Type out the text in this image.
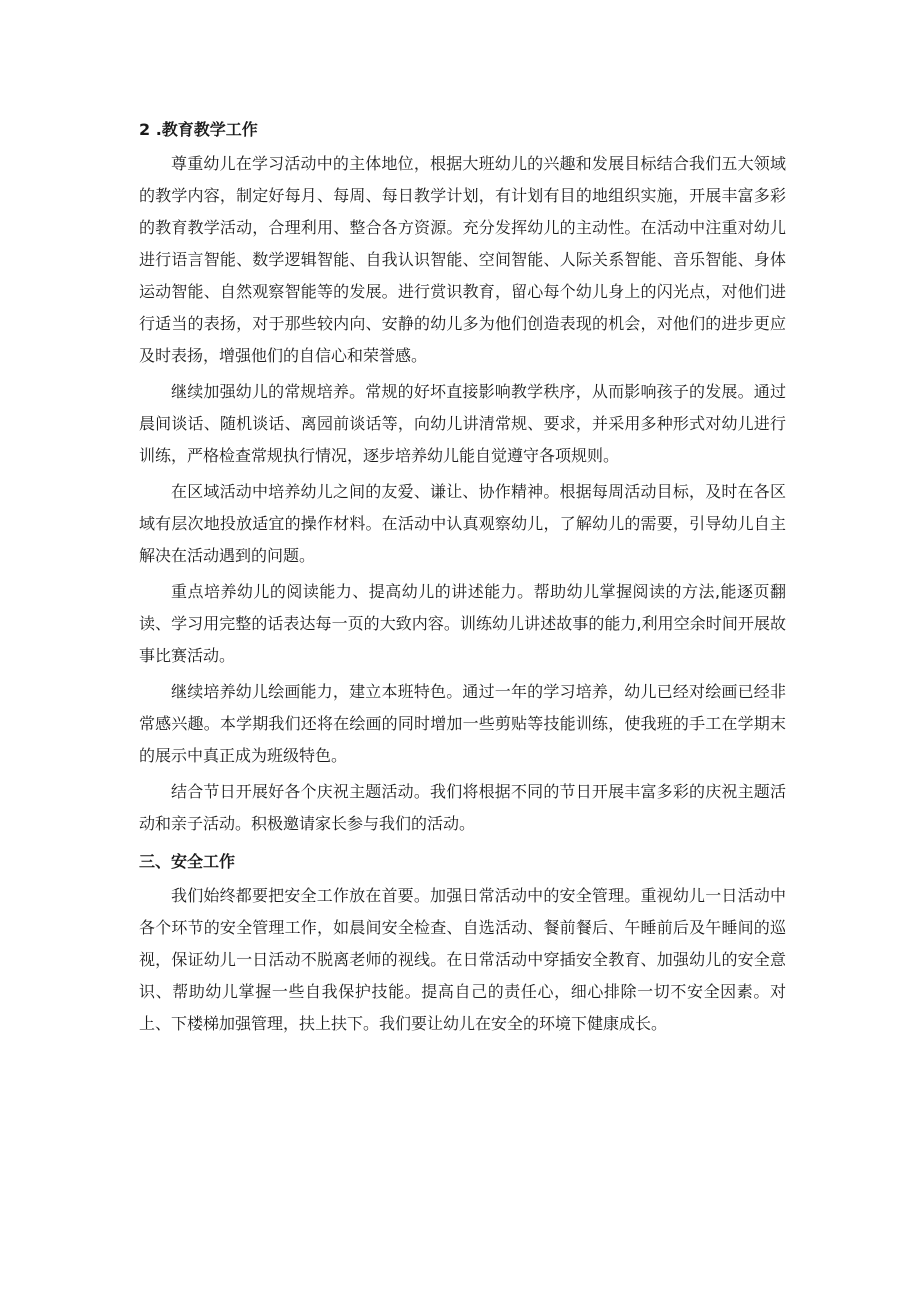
2 .教育教学工作

尊重幼儿在学习活动中的主体地位，根据大班幼儿的兴趣和发展目标结合我们五大领域的教学内容，制定好每月、每周、每日教学计划，有计划有目的地组织实施，开展丰富多彩的教育教学活动，合理利用、整合各方资源。充分发挥幼儿的主动性。在活动中注重对幼儿进行语言智能、数学逻辑智能、自我认识智能、空间智能、人际关系智能、音乐智能、身体运动智能、自然观察智能等的发展。进行赏识教育，留心每个幼儿身上的闪光点，对他们进行适当的表扬，对于那些较内向、安静的幼儿多为他们创造表现的机会，对他们的进步更应及时表扬，增强他们的自信心和荣誉感。

继续加强幼儿的常规培养。常规的好坏直接影响教学秩序，从而影响孩子的发展。通过晨间谈话、随机谈话、离园前谈话等，向幼儿讲清常规、要求，并采用多种形式对幼儿进行训练，严格检查常规执行情况，逐步培养幼儿能自觉遵守各项规则。

在区域活动中培养幼儿之间的友爱、谦让、协作精神。根据每周活动目标，及时在各区域有层次地投放适宜的操作材料。在活动中认真观察幼儿，了解幼儿的需要，引导幼儿自主解决在活动遇到的问题。

重点培养幼儿的阅读能力、提高幼儿的讲述能力。帮助幼儿掌握阅读的方法,能逐页翻读、学习用完整的话表达每一页的大致内容。训练幼儿讲述故事的能力,利用空余时间开展故事比赛活动。

继续培养幼儿绘画能力，建立本班特色。通过一年的学习培养，幼儿已经对绘画已经非常感兴趣。本学期我们还将在绘画的同时增加一些剪贴等技能训练，使我班的手工在学期末的展示中真正成为班级特色。

结合节日开展好各个庆祝主题活动。我们将根据不同的节日开展丰富多彩的庆祝主题活动和亲子活动。积极邀请家长参与我们的活动。

三、安全工作

我们始终都要把安全工作放在首要。加强日常活动中的安全管理。重视幼儿一日活动中各个环节的安全管理工作，如晨间安全检查、自选活动、餐前餐后、午睡前后及午睡间的巡视，保证幼儿一日活动不脱离老师的视线。在日常活动中穿插安全教育、加强幼儿的安全意识、帮助幼儿掌握一些自我保护技能。提高自己的责任心，细心排除一切不安全因素。对上、下楼梯加强管理，扶上扶下。我们要让幼儿在安全的环境下健康成长。
